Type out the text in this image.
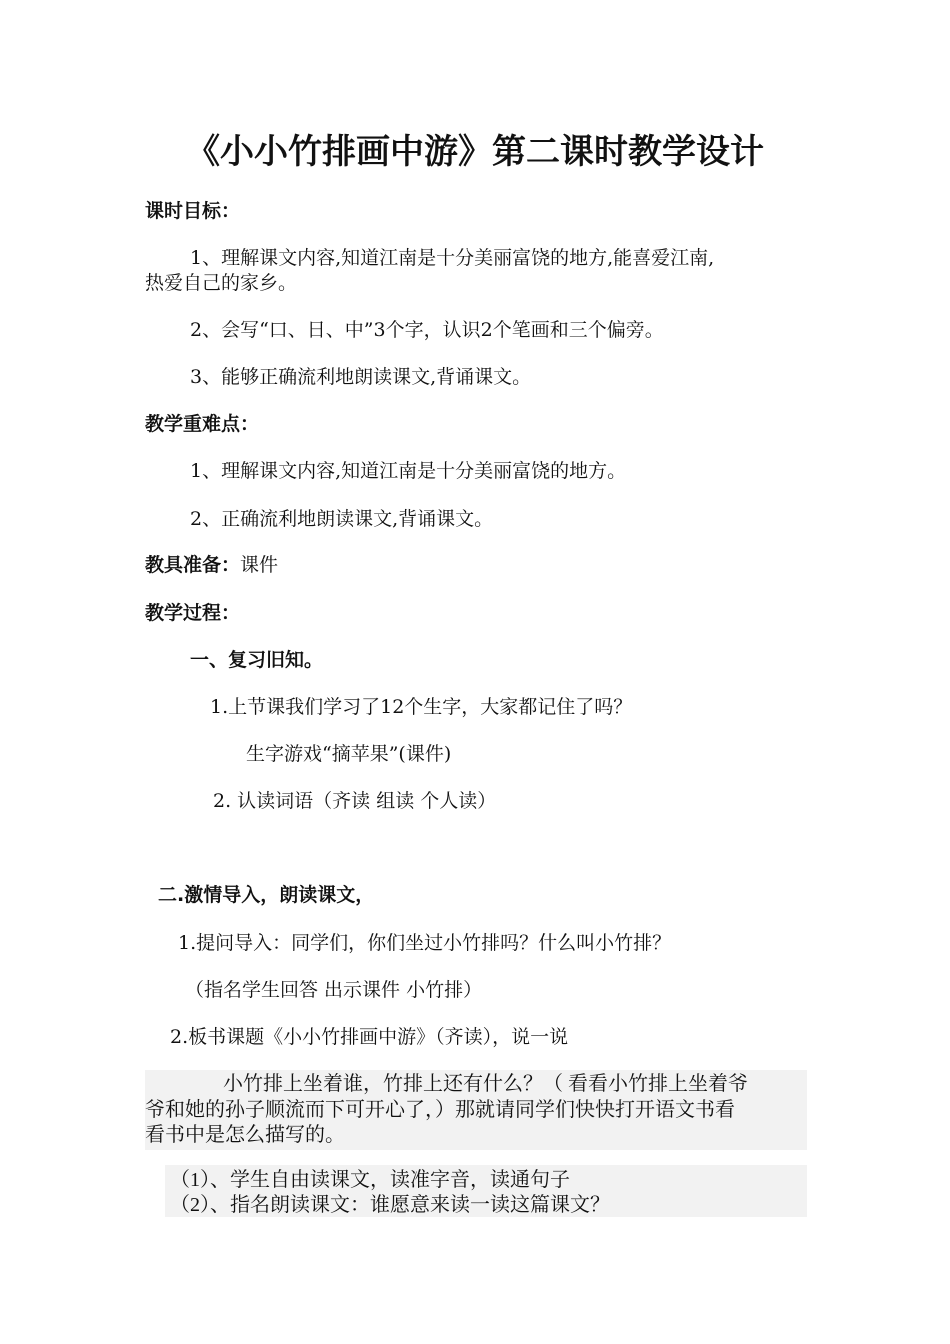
《小小竹排画中游》第二课时教学设计
课时目标：
1、理解课文内容,知道江南是十分美丽富饶的地方,能喜爱江南,
热爱自己的家乡。
2、会写“口、日、中”3个字，认识2个笔画和三个偏旁。
3、能够正确流利地朗读课文,背诵课文。
教学重难点：
1、理解课文内容,知道江南是十分美丽富饶的地方。
2、正确流利地朗读课文,背诵课文。
教具准备：课件
教学过程：
一、复习旧知。
1.上节课我们学习了12个生字，大家都记住了吗？
生字游戏“摘苹果”(课件)
2. 认读词语（齐读 组读 个人读）
二.激情导入，朗读课文，
1.提问导入：同学们，你们坐过小竹排吗？什么叫小竹排？
（指名学生回答 出示课件 小竹排）
2.板书课题《小小竹排画中游》（齐读），说一说
小竹排上坐着谁，竹排上还有什么？（ 看看小竹排上坐着爷
爷和她的孙子顺流而下可开心了，）那就请同学们快快打开语文书看
看书中是怎么描写的。
（1）、学生自由读课文，读准字音，读通句子
（2）、指名朗读课文：谁愿意来读一读这篇课文？
